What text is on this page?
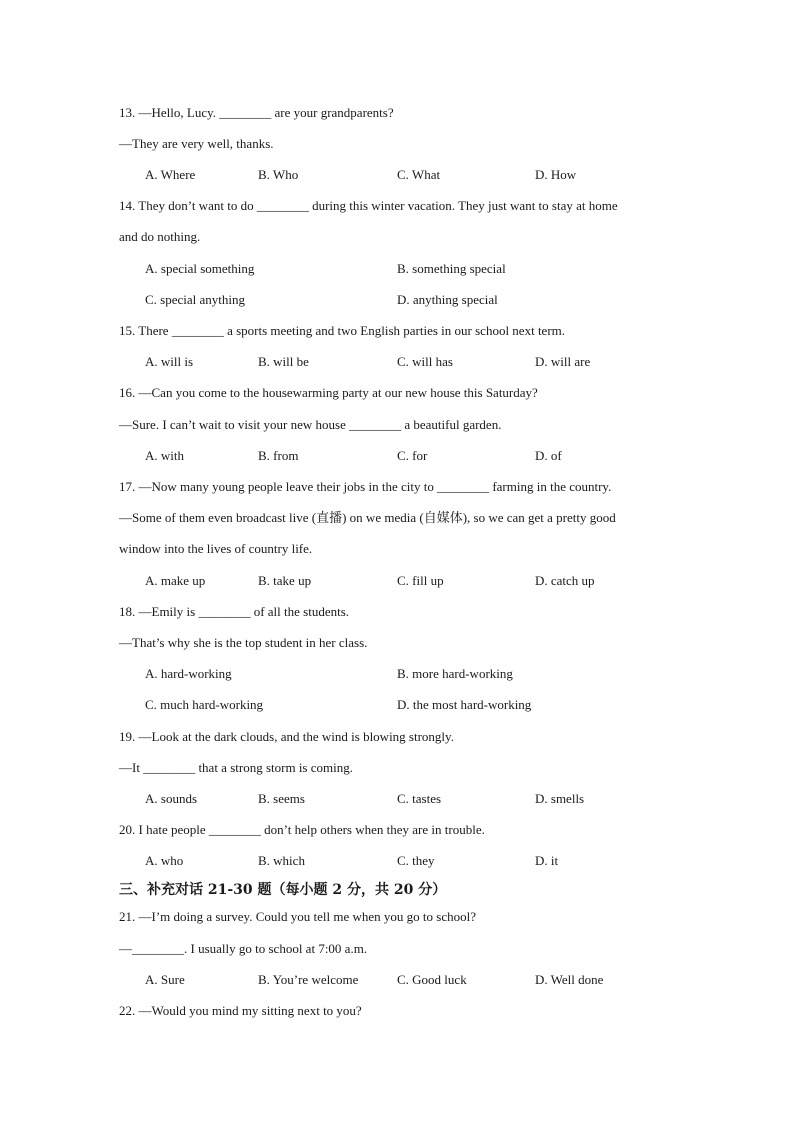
13. —Hello, Lucy. ________ are your grandparents?
—They are very well, thanks.
A. Where	B. Who	C. What	D. How
14. They don’t want to do ________ during this winter vacation. They just want to stay at home
and do nothing.
A. special something	B. something special
C. special anything	D. anything special
15. There ________ a sports meeting and two English parties in our school next term.
A. will is	B. will be	C. will has	D. will are
16. —Can you come to the housewarming party at our new house this Saturday?
—Sure. I can’t wait to visit your new house ________ a beautiful garden.
A. with	B. from	C. for	D. of
17. —Now many young people leave their jobs in the city to ________ farming in the country.
—Some of them even broadcast live (直播) on we media (自媒体), so we can get a pretty good
window into the lives of country life.
A. make up	B. take up	C. fill up	D. catch up
18. —Emily is ________ of all the students.
—That’s why she is the top student in her class.
A. hard-working	B. more hard-working
C. much hard-working	D. the most hard-working
19. —Look at the dark clouds, and the wind is blowing strongly.
—It ________ that a strong storm is coming.
A. sounds	B. seems	C. tastes	D. smells
20. I hate people ________ don’t help others when they are in trouble.
A. who	B. which	C. they	D. it
三、补充对话 21-30 题（每小题 2 分，共 20 分）
21. —I’m doing a survey. Could you tell me when you go to school?
—________. I usually go to school at 7:00 a.m.
A. Sure	B. You’re welcome	C. Good luck	D. Well done
22. —Would you mind my sitting next to you?
